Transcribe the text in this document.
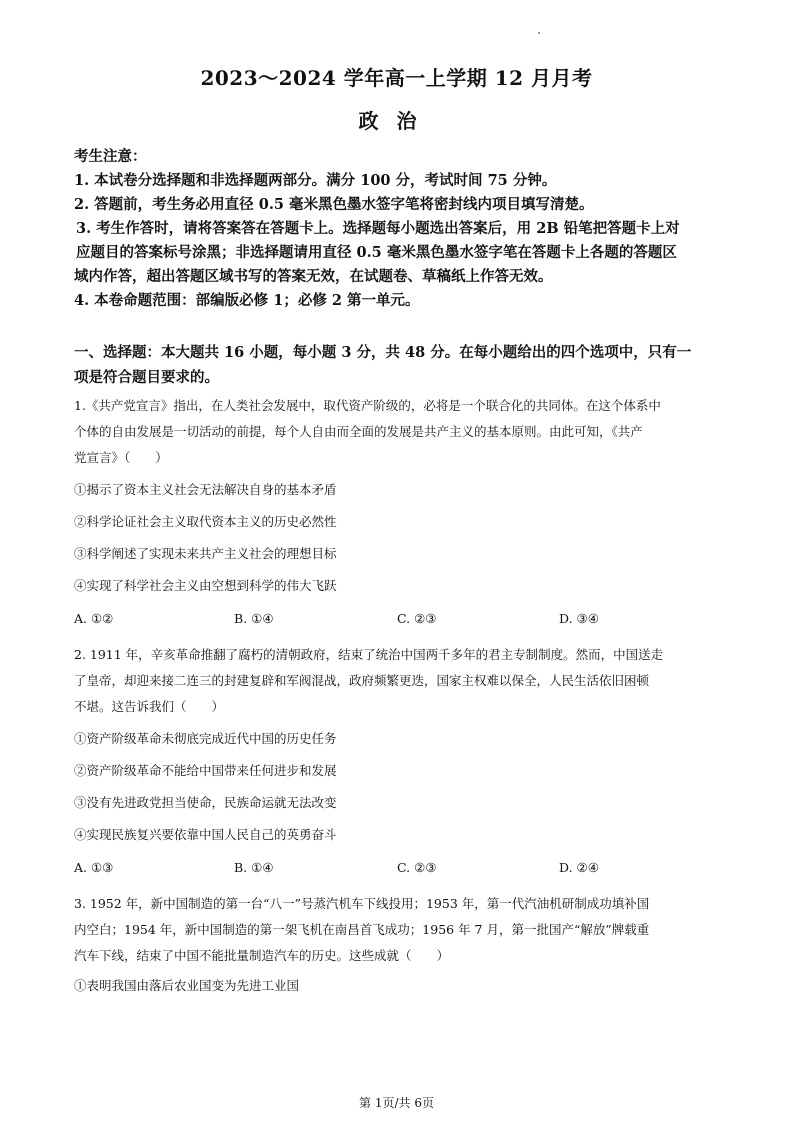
2023～2024 学年高一上学期 12 月月考
政治
考生注意：
1. 本试卷分选择题和非选择题两部分。满分 100 分，考试时间 75 分钟。
2. 答题前，考生务必用直径 0.5 毫米黑色墨水签字笔将密封线内项目填写清楚。
3. 考生作答时，请将答案答在答题卡上。选择题每小题选出答案后，用 2B 铅笔把答题卡上对
应题目的答案标号涂黑；非选择题请用直径 0.5 毫米黑色墨水签字笔在答题卡上各题的答题区
域内作答，超出答题区域书写的答案无效，在试题卷、草稿纸上作答无效。
4. 本卷命题范围：部编版必修 1；必修 2 第一单元。
一、选择题：本大题共 16 小题，每小题 3 分，共 48 分。在每小题给出的四个选项中，只有一
项是符合题目要求的。
1.《共产党宣言》指出，在人类社会发展中，取代资产阶级的，必将是一个联合化的共同体。在这个体系中
个体的自由发展是一切活动的前提，每个人自由而全面的发展是共产主义的基本原则。由此可知，《共产
党宣言》（　　）
①揭示了资本主义社会无法解决自身的基本矛盾
②科学论证社会主义取代资本主义的历史必然性
③科学阐述了实现未来共产主义社会的理想目标
④实现了科学社会主义由空想到科学的伟大飞跃
A. ①②	B. ①④	C. ②③	D. ③④
2. 1911 年，辛亥革命推翻了腐朽的清朝政府，结束了统治中国两千多年的君主专制制度。然而，中国送走
了皇帝，却迎来接二连三的封建复辟和军阀混战，政府频繁更迭，国家主权难以保全，人民生活依旧困顿
不堪。这告诉我们（　　）
①资产阶级革命未彻底完成近代中国的历史任务
②资产阶级革命不能给中国带来任何进步和发展
③没有先进政党担当使命，民族命运就无法改变
④实现民族复兴要依靠中国人民自己的英勇奋斗
A. ①③	B. ①④	C. ②③	D. ②④
3. 1952 年，新中国制造的第一台“八一”号蒸汽机车下线投用；1953 年，第一代汽油机研制成功填补国
内空白；1954 年，新中国制造的第一架飞机在南昌首飞成功；1956 年 7 月，第一批国产“解放”牌载重
汽车下线，结束了中国不能批量制造汽车的历史。这些成就（　　）
①表明我国由落后农业国变为先进工业国
第 1页/共 6页
